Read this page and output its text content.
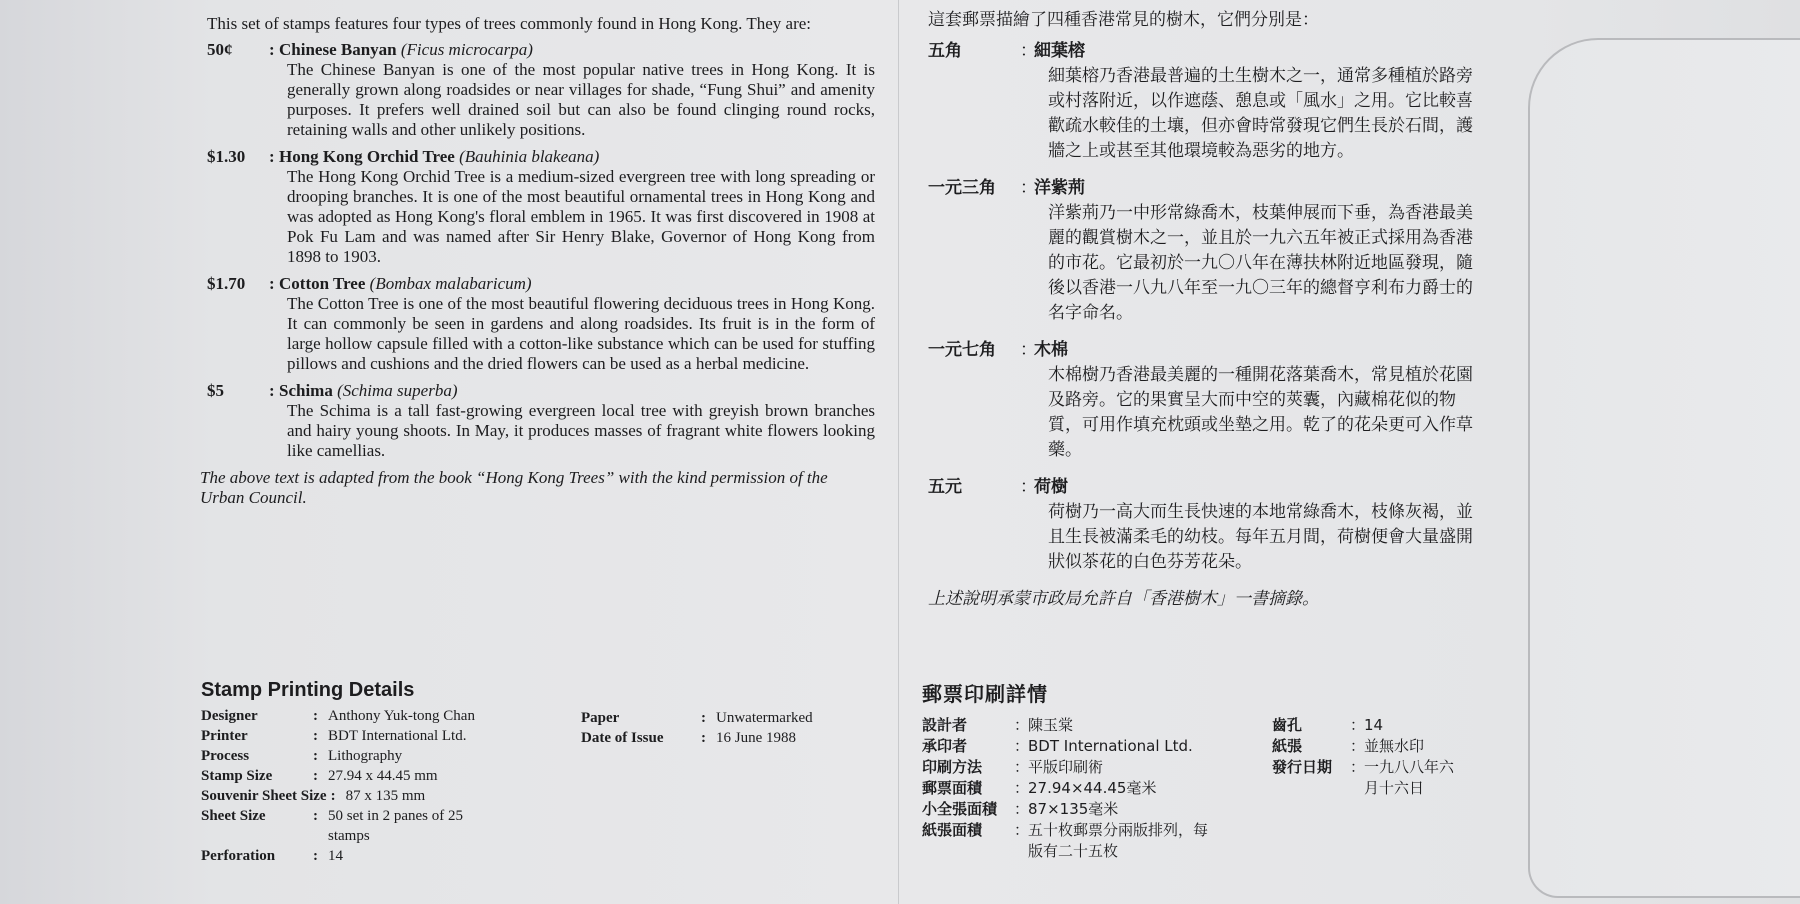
This set of stamps features four types of trees commonly found in Hong Kong. They are:

50¢	: Chinese Banyan (Ficus microcarpa)

The Chinese Banyan is one of the most popular native trees in Hong Kong. It is generally grown along roadsides or near villages for shade, “Fung Shui” and amenity purposes. It prefers well drained soil but can also be found clinging round rocks, retaining walls and other unlikely positions.

$1.30	: Hong Kong Orchid Tree (Bauhinia blakeana)

The Hong Kong Orchid Tree is a medium-sized evergreen tree with long spreading or drooping branches. It is one of the most beautiful ornamental trees in Hong Kong and was adopted as Hong Kong's floral emblem in 1965. It was first discovered in 1908 at Pok Fu Lam and was named after Sir Henry Blake, Governor of Hong Kong from 1898 to 1903.

$1.70	: Cotton Tree (Bombax malabaricum)

The Cotton Tree is one of the most beautiful flowering deciduous trees in Hong Kong. It can commonly be seen in gardens and along roadsides. Its fruit is in the form of large hollow capsule filled with a cotton-like substance which can be used for stuffing pillows and cushions and the dried flowers can be used as a herbal medicine.

$5	: Schima (Schima superba)

The Schima is a tall fast-growing evergreen local tree with greyish brown branches and hairy young shoots. In May, it produces masses of fragrant white flowers looking like camellias.

The above text is adapted from the book “Hong Kong Trees” with the kind permission of the Urban Council.

Stamp Printing Details
Designer	: Anthony Yuk-tong Chan
Printer	: BDT International Ltd.
Process	: Lithography
Stamp Size	: 27.94 x 44.45 mm
Souvenir Sheet Size : 87 x 135 mm
Sheet Size	: 50 set in 2 panes of 25 stamps
Perforation	: 14
Paper	: Unwatermarked
Date of Issue	: 16 June 1988

這套郵票描繪了四種香港常見的樹木，它們分別是：

五角	：
細葉榕
細葉榕乃香港最普遍的土生樹木之一，通常多種植於路旁或村落附近，以作遮蔭、憩息或「風水」之用。它比較喜歡疏水較佳的土壤，但亦會時常發現它們生長於石間，護牆之上或甚至其他環境較為惡劣的地方。
一元三角	：
洋紫荊
洋紫荊乃一中形常綠喬木，枝葉伸展而下垂，為香港最美麗的觀賞樹木之一，並且於一九六五年被正式採用為香港的市花。它最初於一九〇八年在薄扶林附近地區發現，隨後以香港一八九八年至一九〇三年的總督亨利布力爵士的名字命名。
一元七角	：
木棉
木棉樹乃香港最美麗的一種開花落葉喬木，常見植於花園及路旁。它的果實呈大而中空的莢囊，內藏棉花似的物質，可用作填充枕頭或坐墊之用。乾了的花朵更可入作草藥。
五元	：
荷樹
荷樹乃一高大而生長快速的本地常綠喬木，枝條灰褐，並且生長被滿柔毛的幼枝。每年五月間，荷樹便會大量盛開狀似茶花的白色芬芳花朵。
上述說明承蒙市政局允許自「香港樹木」一書摘錄。
郵票印刷詳情
設計者	：
陳玉棠
承印者	：
BDT International Ltd.
印刷方法	：
平版印刷術
郵票面積	：
27.94×44.45毫米
小全張面積	：
87×135毫米
紙張面積	：
五十枚郵票分兩版排列，每版有二十五枚
齒孔	：
14
紙張	：
並無水印
發行日期	：
一九八八年六月十六日
